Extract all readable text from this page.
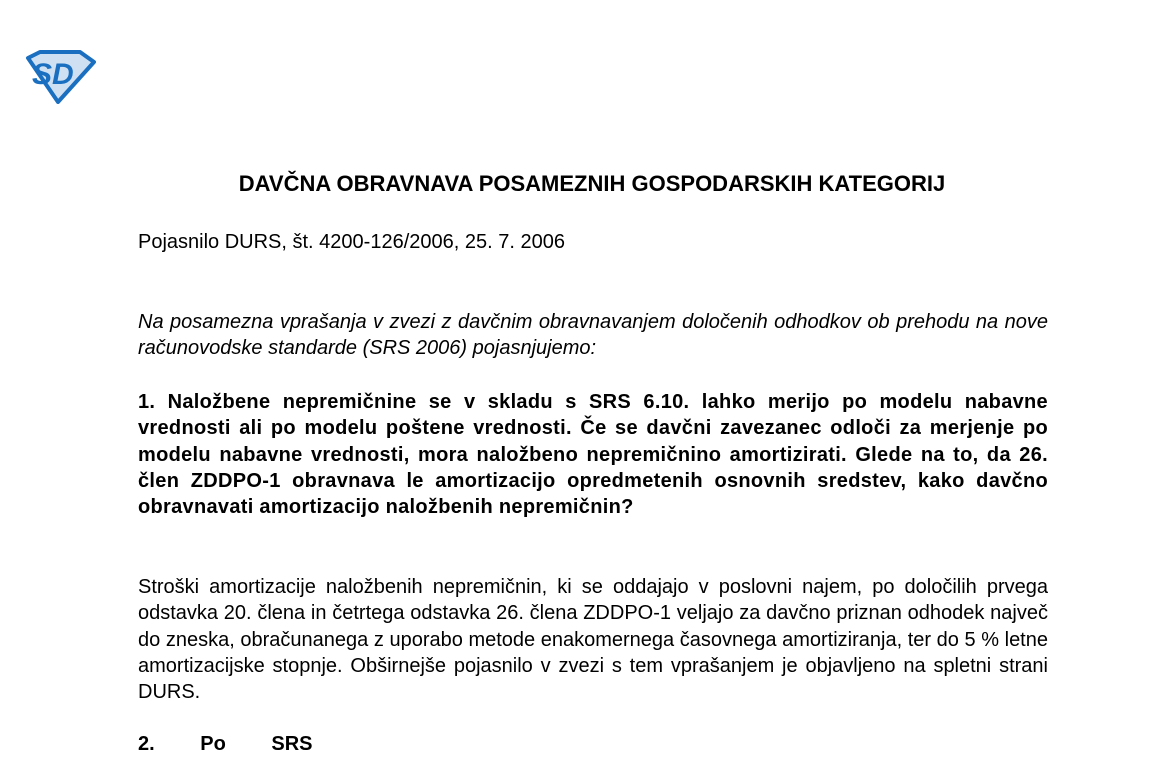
SD
DAVČNA OBRAVNAVA POSAMEZNIH GOSPODARSKIH KATEGORIJ
Pojasnilo DURS, št. 4200-126/2006, 25. 7. 2006
Na posamezna vprašanja v zvezi z davčnim obravnavanjem določenih odhodkov ob prehodu na nove računovodske standarde (SRS 2006) pojasnjujemo:
1. Naložbene nepremičnine se v skladu s SRS 6.10. lahko merijo po modelu nabavne vrednosti ali po modelu poštene vrednosti. Če se davčni zavezanec odloči za merjenje po modelu nabavne vrednosti, mora naložbeno nepremičnino amortizirati. Glede na to, da 26. člen ZDDPO-1 obravnava le amortizacijo opredmetenih osnovnih sredstev, kako davčno obravnavati amortizacijo naložbenih nepremičnin?
Stroški amortizacije naložbenih nepremičnin, ki se oddajajo v poslovni najem, po določilih prvega odstavka 20. člena in četrtega odstavka 26. člena ZDDPO-1 veljajo za davčno priznan odhodek največ do zneska, obračunanega z uporabo metode enakomernega časovnega amortiziranja, ter do 5 % letne amortizacijske stopnje. Obširnejše pojasnilo v zvezi s tem vprašanjem je objavljeno na spletni strani DURS.
2. Po SRS
